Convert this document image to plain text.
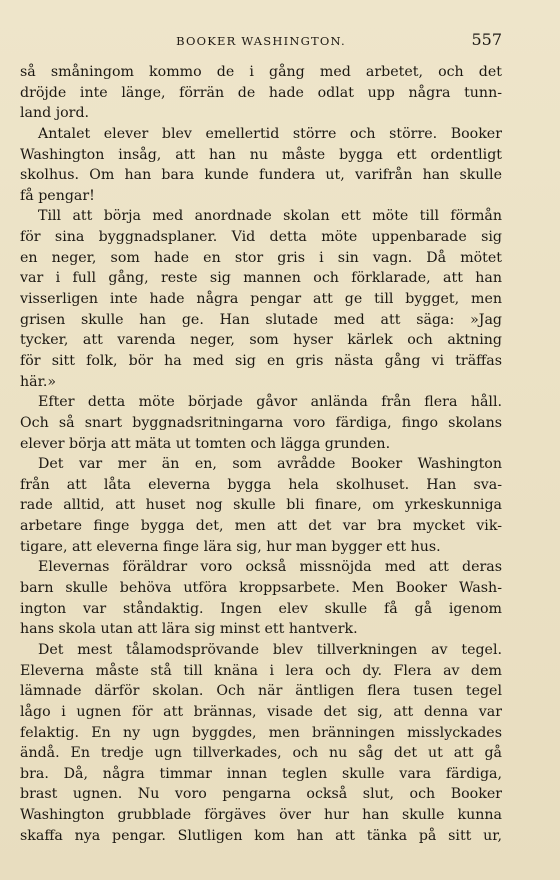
BOOKER WASHINGTON.	557
så småningom kommo de i gång med arbetet, och det
dröjde inte länge, förrän de hade odlat upp några tunn-
land jord.
Antalet elever blev emellertid större och större. Booker
Washington insåg, att han nu måste bygga ett ordentligt
skolhus. Om han bara kunde fundera ut, varifrån han skulle
få pengar!
Till att börja med anordnade skolan ett möte till förmån
för sina byggnadsplaner. Vid detta möte uppenbarade sig
en neger, som hade en stor gris i sin vagn. Då mötet
var i full gång, reste sig mannen och förklarade, att han
visserligen inte hade några pengar att ge till bygget, men
grisen skulle han ge. Han slutade med att säga: »Jag
tycker, att varenda neger, som hyser kärlek och aktning
för sitt folk, bör ha med sig en gris nästa gång vi träffas
här.»
Efter detta möte började gåvor anlända från flera håll.
Och så snart byggnadsritningarna voro färdiga, fingo skolans
elever börja att mäta ut tomten och lägga grunden.
Det var mer än en, som avrådde Booker Washington
från att låta eleverna bygga hela skolhuset. Han sva-
rade alltid, att huset nog skulle bli finare, om yrkeskunniga
arbetare finge bygga det, men att det var bra mycket vik-
tigare, att eleverna finge lära sig, hur man bygger ett hus.
Elevernas föräldrar voro också missnöjda med att deras
barn skulle behöva utföra kroppsarbete. Men Booker Wash-
ington var ståndaktig. Ingen elev skulle få gå igenom
hans skola utan att lära sig minst ett hantverk.
Det mest tålamodsprövande blev tillverkningen av tegel.
Eleverna måste stå till knäna i lera och dy. Flera av dem
lämnade därför skolan. Och när äntligen flera tusen tegel
lågo i ugnen för att brännas, visade det sig, att denna var
felaktig. En ny ugn byggdes, men bränningen misslyckades
ändå. En tredje ugn tillverkades, och nu såg det ut att gå
bra. Då, några timmar innan teglen skulle vara färdiga,
brast ugnen. Nu voro pengarna också slut, och Booker
Washington grubblade förgäves över hur han skulle kunna
skaffa nya pengar. Slutligen kom han att tänka på sitt ur,
